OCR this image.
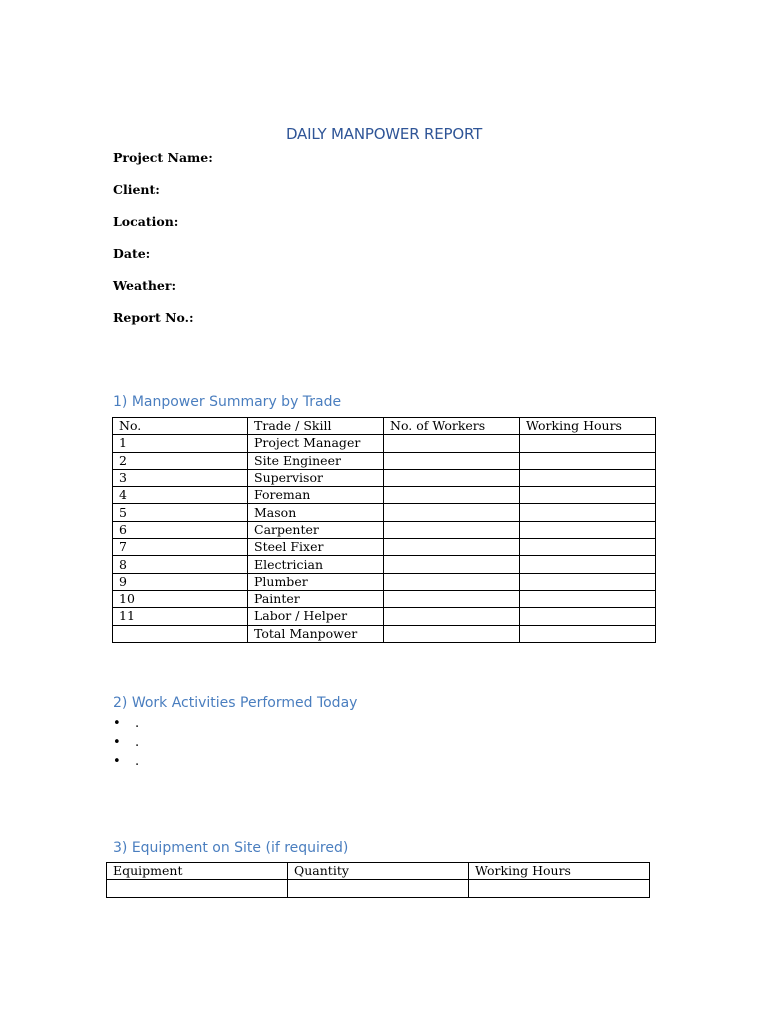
DAILY MANPOWER REPORT
Project Name:
Client:
Location:
Date:
Weather:
Report No.:
1) Manpower Summary by Trade
No.	Trade / Skill	No. of Workers	Working Hours
1	Project Manager		
2	Site Engineer		
3	Supervisor		
4	Foreman		
5	Mason		
6	Carpenter		
7	Steel Fixer		
8	Electrician		
9	Plumber		
10	Painter		
11	Labor / Helper		
	Total Manpower		
2) Work Activities Performed Today
• .
• .
• .
3) Equipment on Site (if required)
Equipment	Quantity	Working Hours
